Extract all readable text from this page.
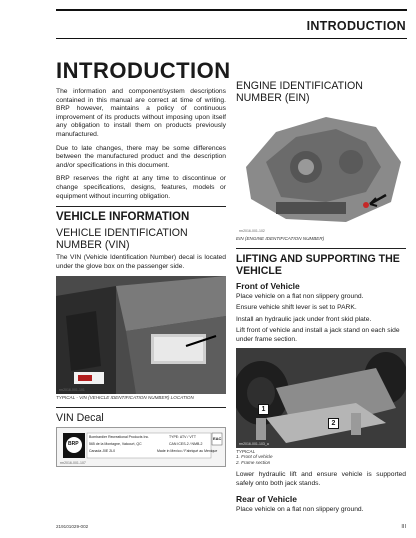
INTRODUCTION
INTRODUCTION

The information and component/system descriptions contained in this manual are correct at time of writing. BRP however, maintains a policy of continuous improvement of its products without imposing upon itself any obligation to install them on products previously manufactured.

Due to late changes, there may be some differences between the manufactured product and the description and/or specifications in this document.

BRP reserves the right at any time to discontinue or change specifications, designs, features, models or equipment without incurring obligation.

VEHICLE INFORMATION
VEHICLE IDENTIFICATION NUMBER (VIN)

The VIN (Vehicle Identification Number) decal is located under the glove box on the passenger side.

rm2016-001-101
TYPICAL - VIN (VEHICLE IDENTIFICATION NUMBER) LOCATION
VIN Decal
BRP
Bombardier Recreational Products Inc.	TYPE: ATV / VTT
565 de la Montagne, Valcourt, QC	CAN ICES-2 / NMB-2
Canada J0E 2L0	Made in Mexico / Fabriqué au Mexique
EAC
rm2016-001-107
ENGINE IDENTIFICATION NUMBER (EIN)
rm2016-001-102
EIN (ENGINE IDENTIFICATION NUMBER)
LIFTING AND SUPPORTING THE VEHICLE
Front of Vehicle

Place vehicle on a flat non slippery ground.

Ensure vehicle shift lever is set to PARK.

Install an hydraulic jack under front skid plate.

Lift front of vehicle and install a jack stand on each side under frame section.

1
2
rm2016-001-103_a
TYPICAL
1. Front of vehicle
2. Frame section

Lower hydraulic lift and ensure vehicle is supported safely onto both jack stands.

Rear of Vehicle

Place vehicle on a flat non slippery ground.

219101029-002	III
